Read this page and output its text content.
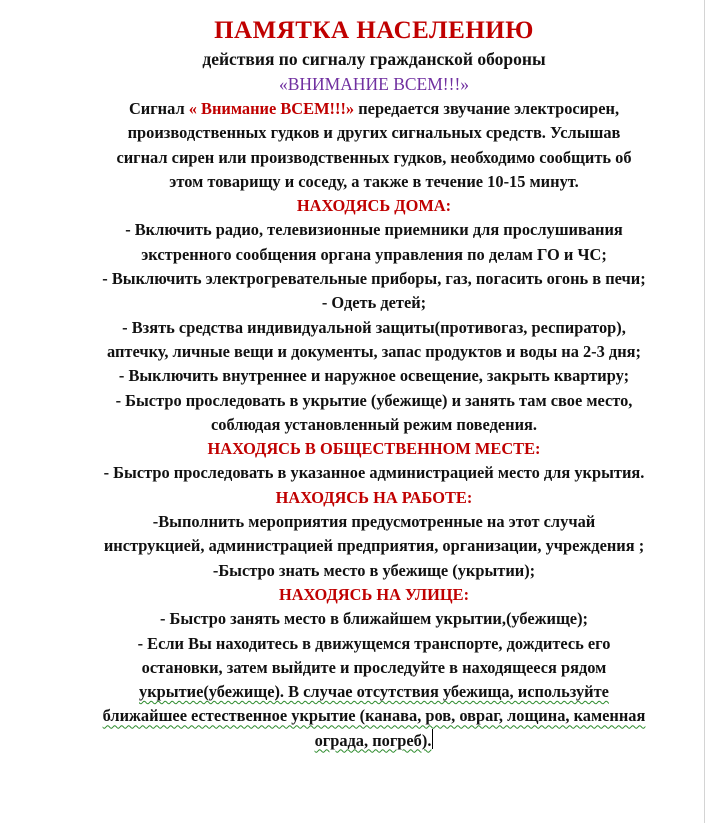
ПАМЯТКА НАСЕЛЕНИЮ
действия по сигналу гражданской обороны
«ВНИМАНИЕ ВСЕМ!!!»
Сигнал « Внимание ВСЕМ!!!» передается звучание электросирен,
производственных гудков и других сигнальных средств. Услышав
сигнал сирен или производственных гудков, необходимо сообщить об
этом товарищу и соседу, а также в течение 10-15 минут.
НАХОДЯСЬ ДОМА:
- Включить радио, телевизионные приемники для прослушивания
экстренного сообщения органа управления по делам ГО и ЧС;
- Выключить электрогревательные приборы, газ, погасить огонь в печи;
- Одеть детей;
- Взять средства индивидуальной защиты(противогаз, респиратор),
аптечку, личные вещи и документы, запас продуктов и воды на 2-3 дня;
- Выключить внутреннее и наружное освещение, закрыть квартиру;
- Быстро проследовать в укрытие (убежище) и занять там свое место,
соблюдая установленный режим поведения.
НАХОДЯСЬ В ОБЩЕСТВЕННОМ МЕСТЕ:
- Быстро проследовать в указанное администрацией место для укрытия.
НАХОДЯСЬ НА РАБОТЕ:
-Выполнить мероприятия предусмотренные на этот случай
инструкцией, администрацией предприятия, организации, учреждения ;
-Быстро знать место в убежище (укрытии);
НАХОДЯСЬ НА УЛИЦЕ:
- Быстро занять место в ближайшем укрытии,(убежище);
- Если Вы находитесь в движущемся транспорте, дождитесь его
остановки, затем выйдите и проследуйте в находящееся рядом
укрытие(убежище). В случае отсутствия убежища, используйте
ближайшее естественное укрытие (канава, ров, овраг, лощина, каменная
ограда, погреб).
